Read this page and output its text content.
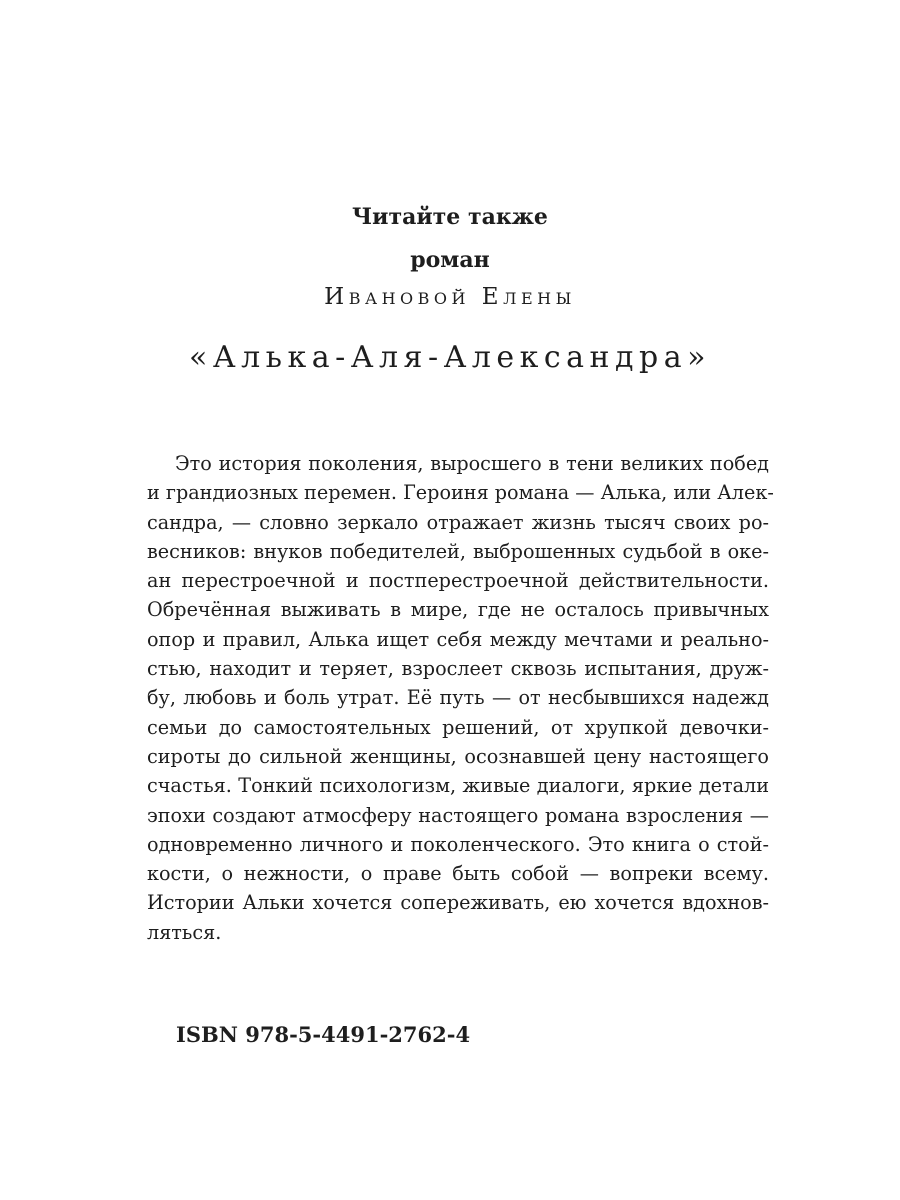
Читайте также
роман
Ивановой Елены
«Алька-Аля-Александра»
Это история поколения, выросшего в тени великих побед
и грандиозных перемен. Героиня романа — Алька, или Алек-
сандра, — словно зеркало отражает жизнь тысяч своих ро-
весников: внуков победителей, выброшенных судьбой в оке-
ан перестроечной и постперестроечной действительности.
Обречённая выживать в мире, где не осталось привычных
опор и правил, Алька ищет себя между мечтами и реально-
стью, находит и теряет, взрослеет сквозь испытания, друж-
бу, любовь и боль утрат. Её путь — от несбывшихся надежд
семьи до самостоятельных решений, от хрупкой девочки-
сироты до сильной женщины, осознавшей цену настоящего
счастья. Тонкий психологизм, живые диалоги, яркие детали
эпохи создают атмосферу настоящего романа взросления —
одновременно личного и поколенческого. Это книга о стой-
кости, о нежности, о праве быть собой — вопреки всему.
Истории Альки хочется сопереживать, ею хочется вдохнов-
ляться.
ISBN 978-5-4491-2762-4
